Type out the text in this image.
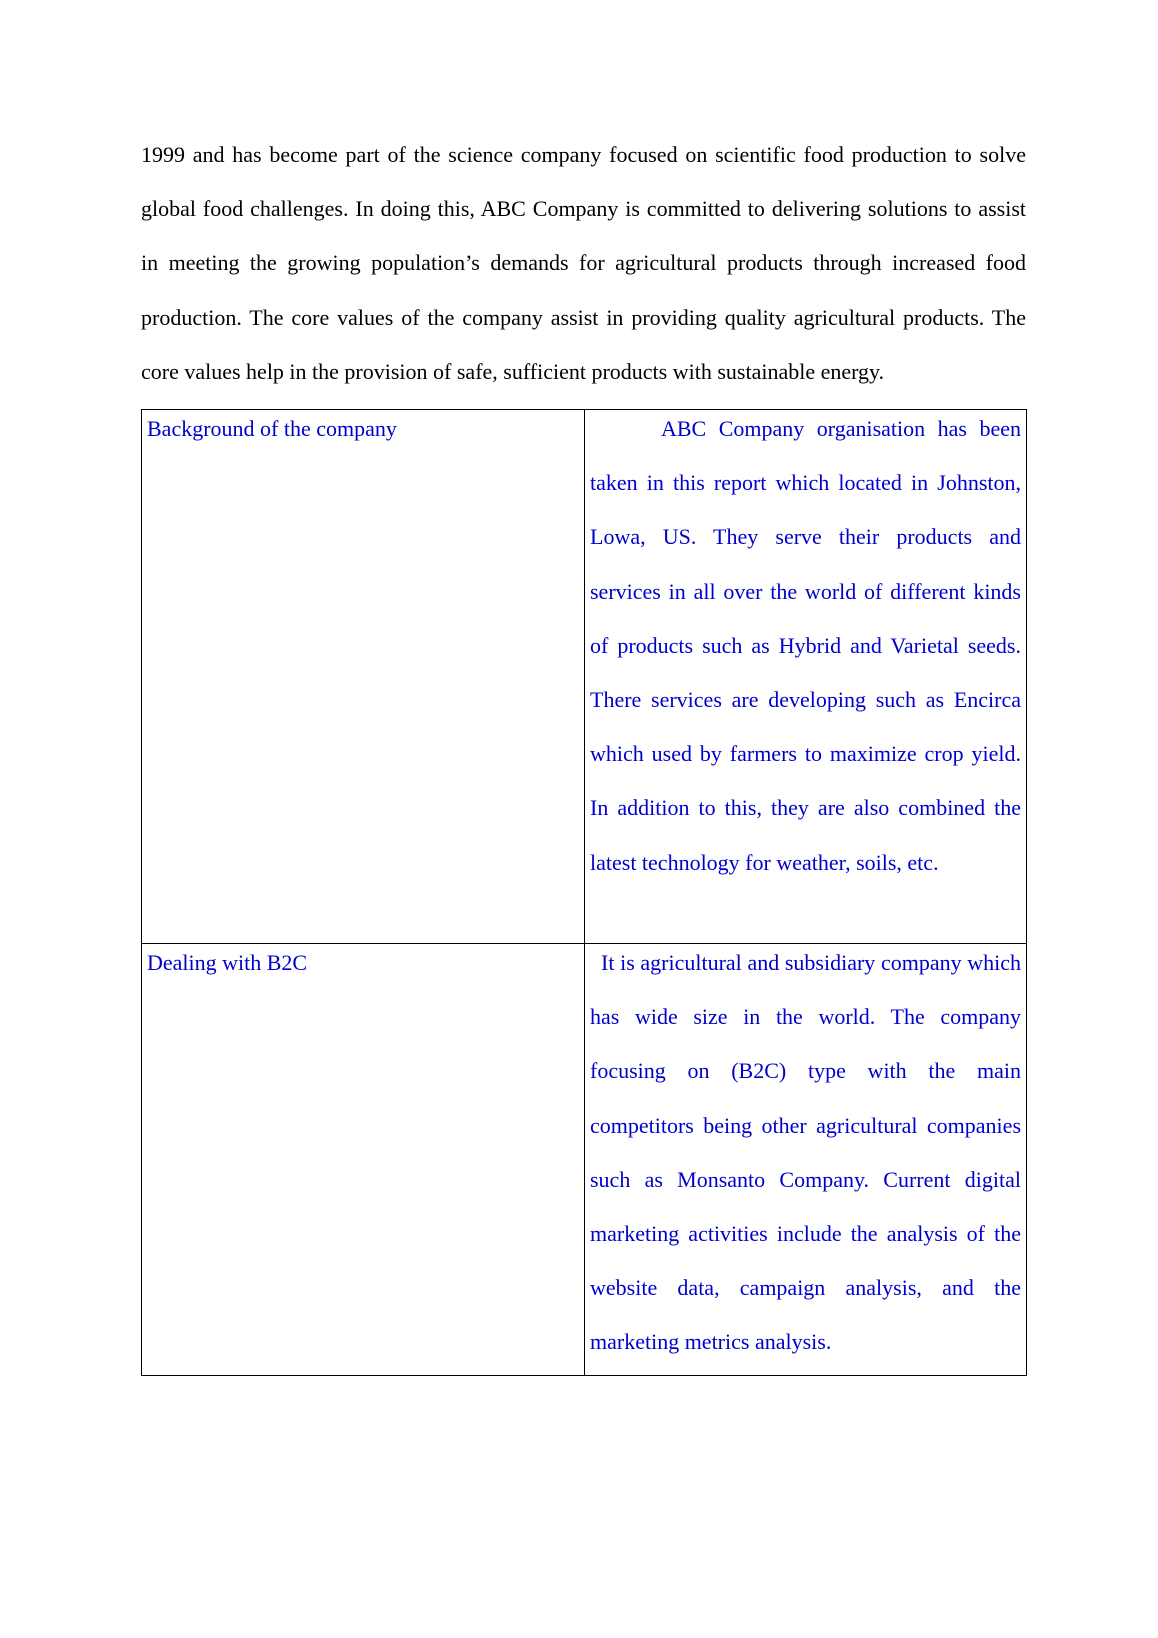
1999 and has become part of the science company focused on scientific food production to solve global food challenges. In doing this, ABC Company is committed to delivering solutions to assist in meeting the growing population’s demands for agricultural products through increased food production. The core values of the company assist in providing quality agricultural products. The core values help in the provision of safe, sufficient products with sustainable energy.

Background of the company	ABC Company organisation has been taken in this report which located in Johnston, Lowa, US. They serve their products and services in all over the world of different kinds of products such as Hybrid and Varietal seeds. There services are developing such as Encirca which used by farmers to maximize crop yield. In addition to this, they are also combined the latest technology for weather, soils, etc.

Dealing with B2C	It is agricultural and subsidiary company which has wide size in the world. The company focusing on (B2C) type with the main competitors being other agricultural companies such as Monsanto Company. Current digital marketing activities include the analysis of the website data, campaign analysis, and the marketing metrics analysis.
